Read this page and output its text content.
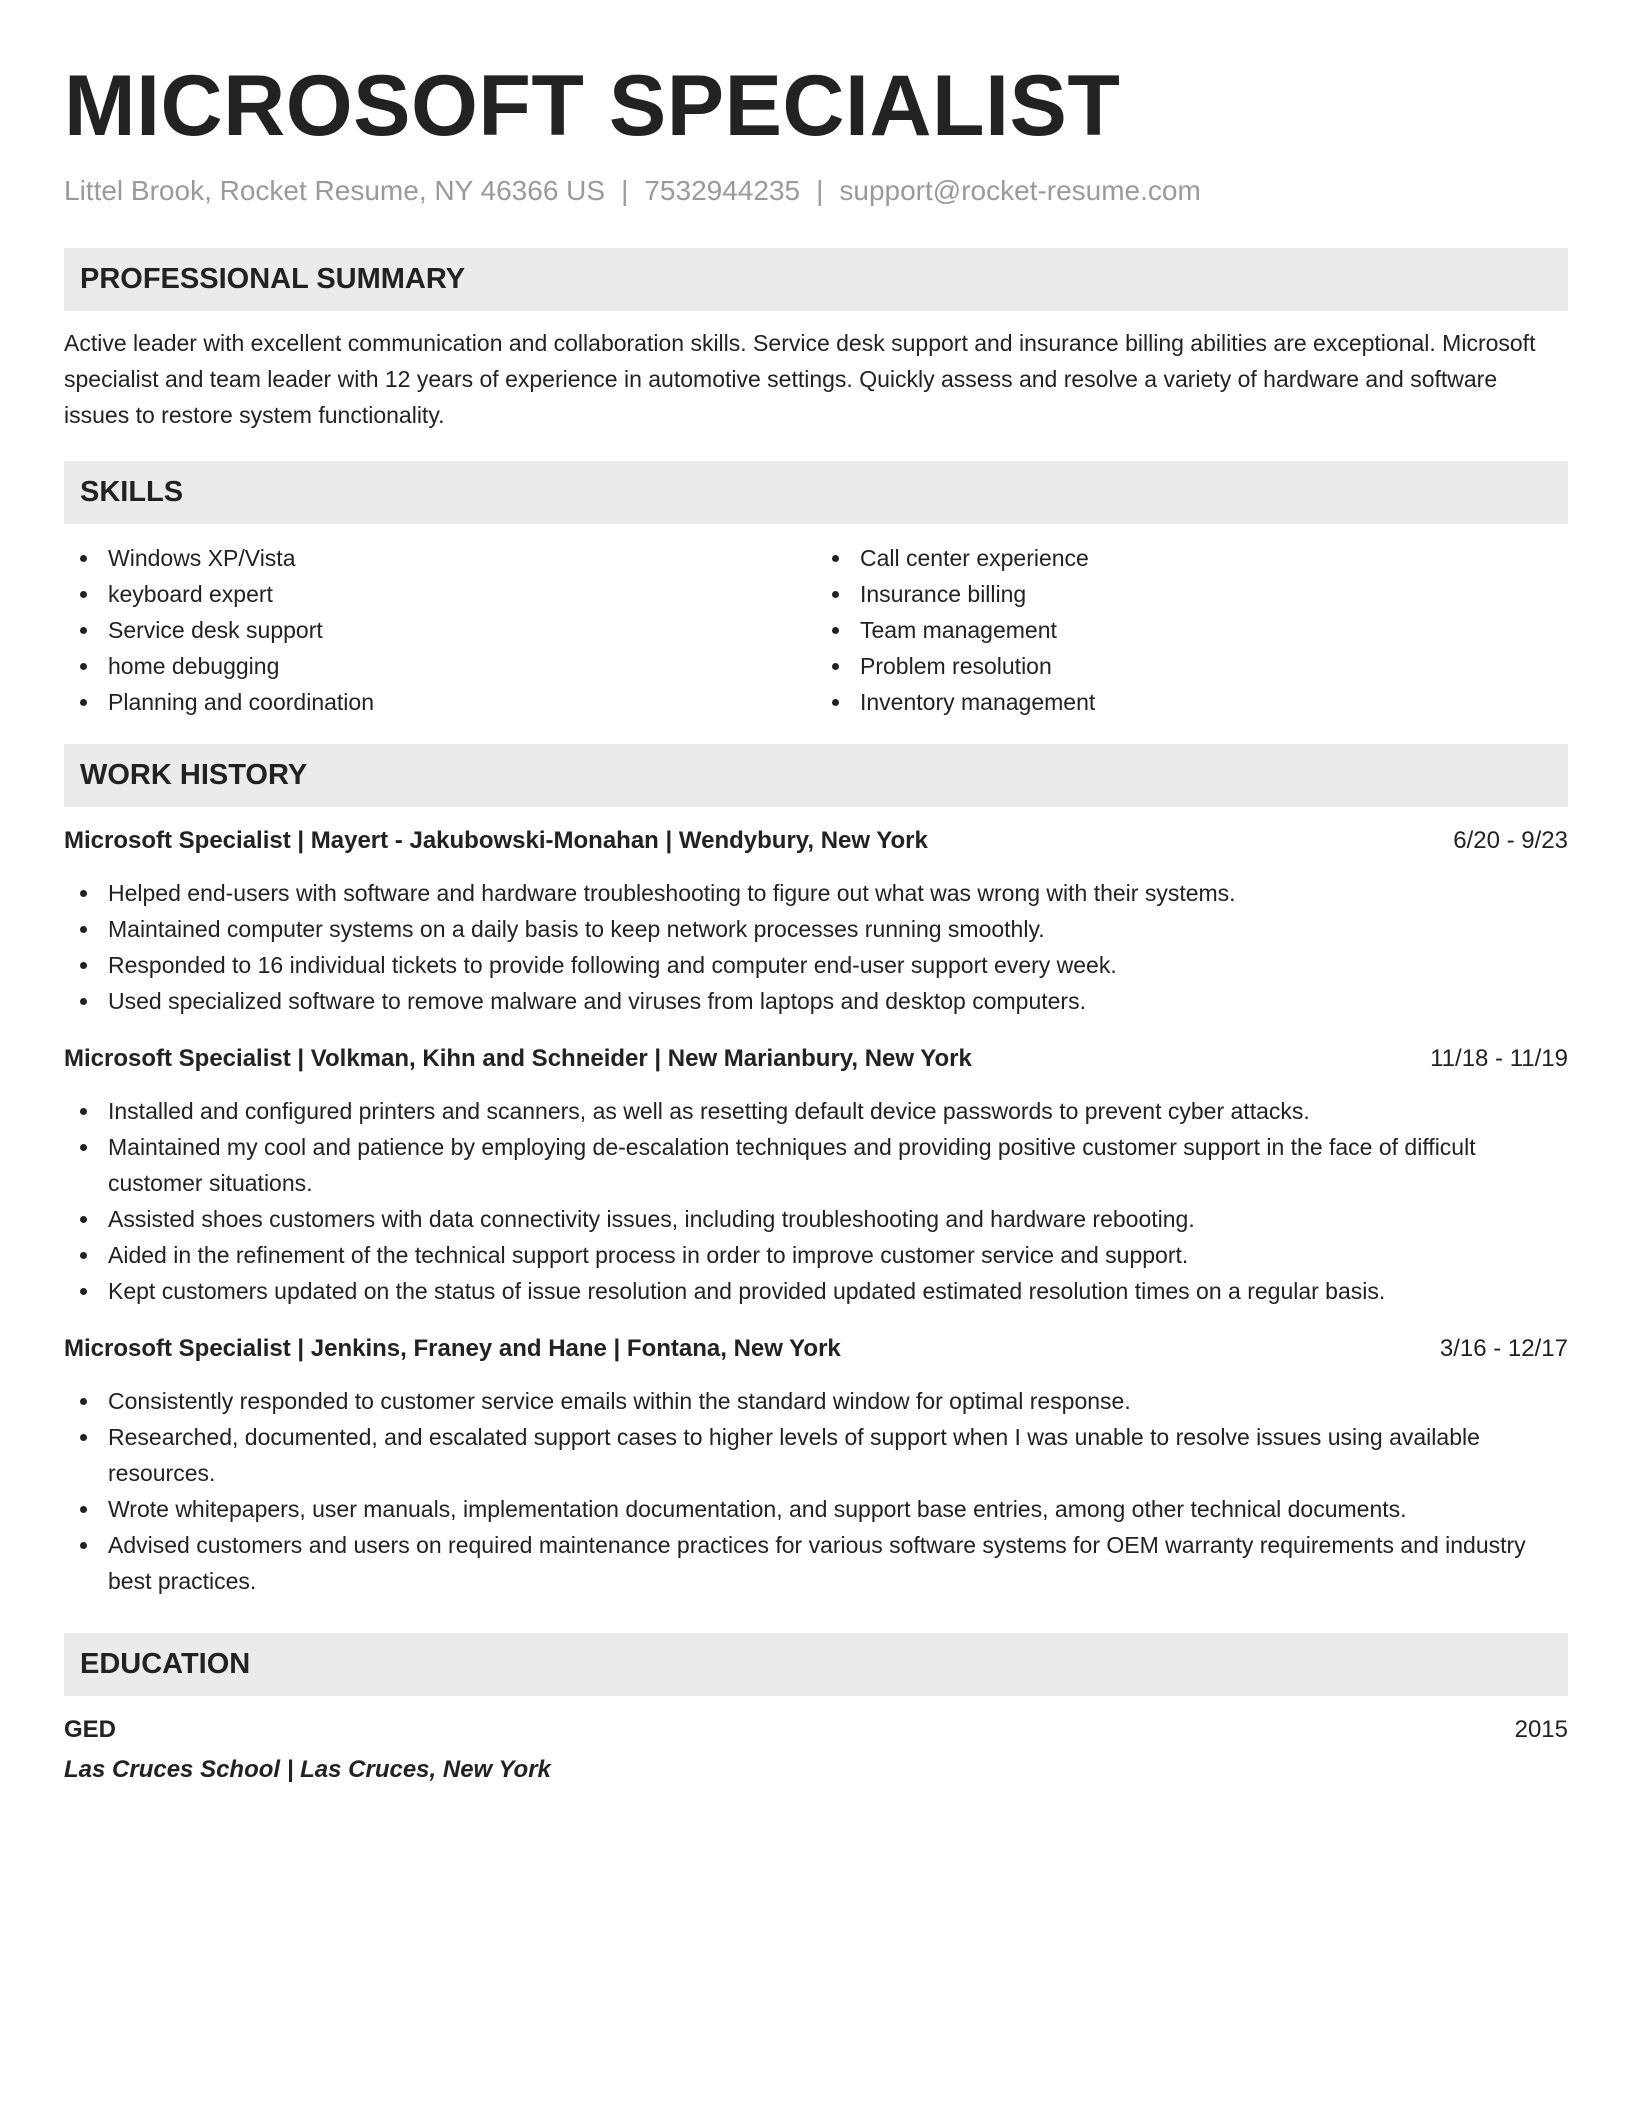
MICROSOFT SPECIALIST
Littel Brook, Rocket Resume, NY 46366 US | 7532944235 | support@rocket-resume.com
PROFESSIONAL SUMMARY

Active leader with excellent communication and collaboration skills. Service desk support and insurance billing abilities are exceptional. Microsoft specialist and team leader with 12 years of experience in automotive settings. Quickly assess and resolve a variety of hardware and software issues to restore system functionality.

SKILLS
Windows XP/Vista
keyboard expert
Service desk support
home debugging
Planning and coordination
Call center experience
Insurance billing
Team management
Problem resolution
Inventory management
WORK HISTORY
Microsoft Specialist | Mayert - Jakubowski-Monahan | Wendybury, New York	6/20 - 9/23
Helped end-users with software and hardware troubleshooting to figure out what was wrong with their systems.
Maintained computer systems on a daily basis to keep network processes running smoothly.
Responded to 16 individual tickets to provide following and computer end-user support every week.
Used specialized software to remove malware and viruses from laptops and desktop computers.
Microsoft Specialist | Volkman, Kihn and Schneider | New Marianbury, New York	11/18 - 11/19
Installed and configured printers and scanners, as well as resetting default device passwords to prevent cyber attacks.
Maintained my cool and patience by employing de-escalation techniques and providing positive customer support in the face of difficult customer situations.
Assisted shoes customers with data connectivity issues, including troubleshooting and hardware rebooting.
Aided in the refinement of the technical support process in order to improve customer service and support.
Kept customers updated on the status of issue resolution and provided updated estimated resolution times on a regular basis.
Microsoft Specialist | Jenkins, Franey and Hane | Fontana, New York	3/16 - 12/17
Consistently responded to customer service emails within the standard window for optimal response.
Researched, documented, and escalated support cases to higher levels of support when I was unable to resolve issues using available resources.
Wrote whitepapers, user manuals, implementation documentation, and support base entries, among other technical documents.
Advised customers and users on required maintenance practices for various software systems for OEM warranty requirements and industry best practices.
EDUCATION
GED	2015
Las Cruces School | Las Cruces, New York
